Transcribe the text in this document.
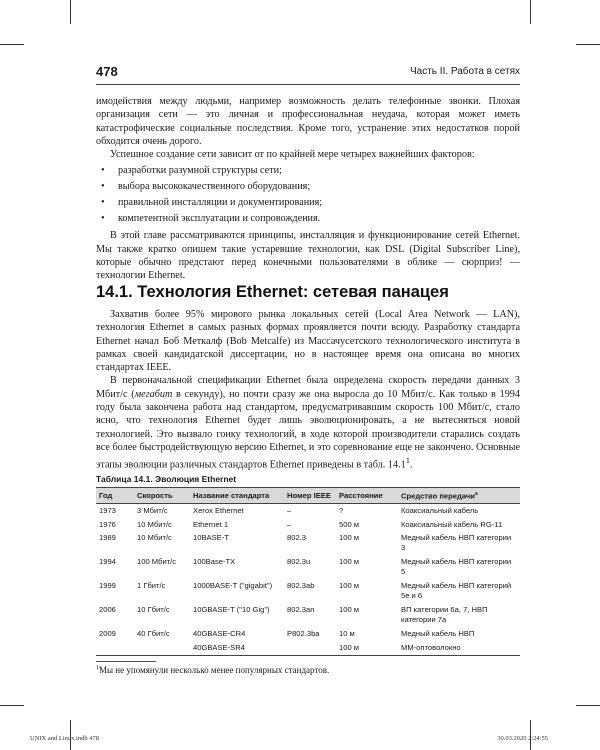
478	Часть II. Работа в сетях

имодействия между людьми, например возможность делать телефонные звонки. Плохая организация сети — это личная и профессиональная неудача, которая может иметь катастрофические социальные последствия. Кроме того, устранение этих недостатков порой обходится очень дорого.

Успешное создание сети зависит от по крайней мере четырех важнейших факторов:

• разработки разумной структуры сети;
• выбора высококачественного оборудования;
• правильной инсталляции и документирования;
• компетентной эксплуатации и сопровождения.

В этой главе рассматриваются принципы, инсталляция и функционирование сетей Ethernet. Мы также кратко опишем такие устаревшие технологии, как DSL (Digital Subscriber Line), которые обычно предстают перед конечными пользователями в облике — сюрприз! — технологии Ethernet.

14.1. Технология Ethernet: сетевая панацея

Захватив более 95% мирового рынка локальных сетей (Local Area Network — LAN), технология Ethernet в самых разных формах проявляется почти всюду. Разработку стандарта Ethernet начал Боб Меткалф (Bob Metcalfe) из Массачусетского технологического института в рамках своей кандидатской диссертации, но в настоящее время она описана во многих стандартах IEEE.

В первоначальной спецификации Ethernet была определена скорость передачи данных 3 Мбит/с (мегабит в секунду), но почти сразу же она выросла до 10 Мбит/с. Как только в 1994 году была закончена работа над стандартом, предусматривавшим скорость 100 Мбит/с, стало ясно, что технология Ethernet будет лишь эволюционировать, а не вытесняться новой технологией. Это вызвало гонку технологий, в ходе которой производители старались создать все более быстродействующую версию Ethernet, и это соревнование еще не закончено. Основные этапы эволюции различных стандартов Ethernet приведены в табл. 14.1$^1$.

Таблица 14.1. Эволюция Ethernet
Год	Скорость	Название стандарта	Номер IEEE	Расстояние	Средство передачи$^a$
1973	3 Мбит/с	Xerox Ethernet	–	?	Коаксиальный кабель
1976	10 Мбит/с	Ethernet 1	–	500 м	Коаксиальный кабель RG-11
1989	10 Мбит/с	10BASE-T	802.3	100 м	Медный кабель НВП категории 3
1994	100 Мбит/с	100Base-TX	802.3u	100 м	Медный кабель НВП категории 5
1999	1 Гбит/с	1000BASE-T ("gigabit")	802.3ab	100 м	Медный кабель НВП категорий 5е и 6
2006	10 Гбит/с	10GBASE-T ("10 Gig")	802.3an	100 м	ВП категории 6a, 7, НВП категории 7a
2009	40 Гбит/с	40GBASE-CR4	P802.3ba	10 м	Медный кабель НВП
		40GBASE-SR4		100 м	ММ-оптоволокно
$^1$Мы не упомянули несколько менее популярных стандартов.
UNIX and Linux.indb 478	30.03.2020 2:24:55
